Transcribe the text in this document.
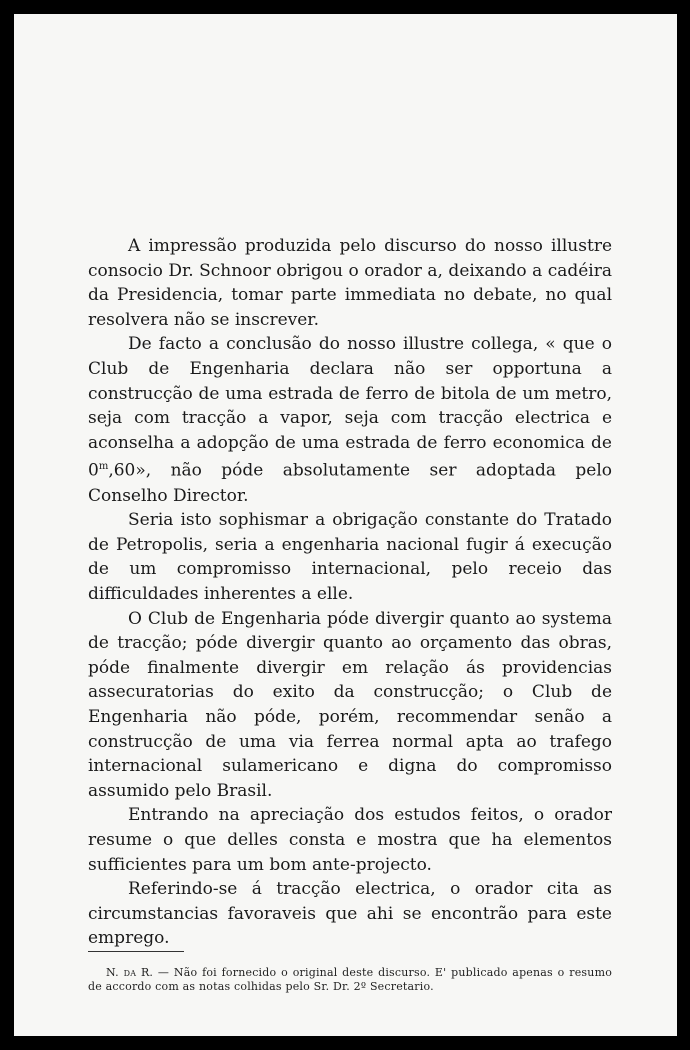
A impressão produzida pelo discurso do nosso illustre consocio Dr. Schnoor obrigou o orador a, deixando a cadéira da Presidencia, tomar parte immediata no debate, no qual resolvera não se inscrever.

De facto a conclusão do nosso illustre collega, « que o Club de Engenharia declara não ser opportuna a construcção de uma estrada de ferro de bitola de um metro, seja com tracção a vapor, seja com tracção electrica e aconselha a adopção de uma estrada de ferro economica de 0$^m$,60», não póde absolutamente ser adoptada pelo Conselho Director.

Seria isto sophismar a obrigação constante do Tratado de Petropolis, seria a engenharia nacional fugir á execução de um compromisso internacional, pelo receio das difficuldades inherentes a elle.

O Club de Engenharia póde divergir quanto ao systema de tracção; póde divergir quanto ao orçamento das obras, póde finalmente divergir em relação ás providencias assecuratorias do exito da construcção; o Club de Engenharia não póde, porém, recommendar senão a construcção de uma via ferrea normal apta ao trafego internacional sulamericano e digna do compromisso assumido pelo Brasil.

Entrando na apreciação dos estudos feitos, o orador resume o que delles consta e mostra que ha elementos sufficientes para um bom ante-projecto.

Referindo-se á tracção electrica, o orador cita as circumstancias favoraveis que ahi se encontrão para este emprego.

N. da R. — Não foi fornecido o original deste discurso. E' publicado apenas o resumo de accordo com as notas colhidas pelo Sr. Dr. 2º Secretario.
